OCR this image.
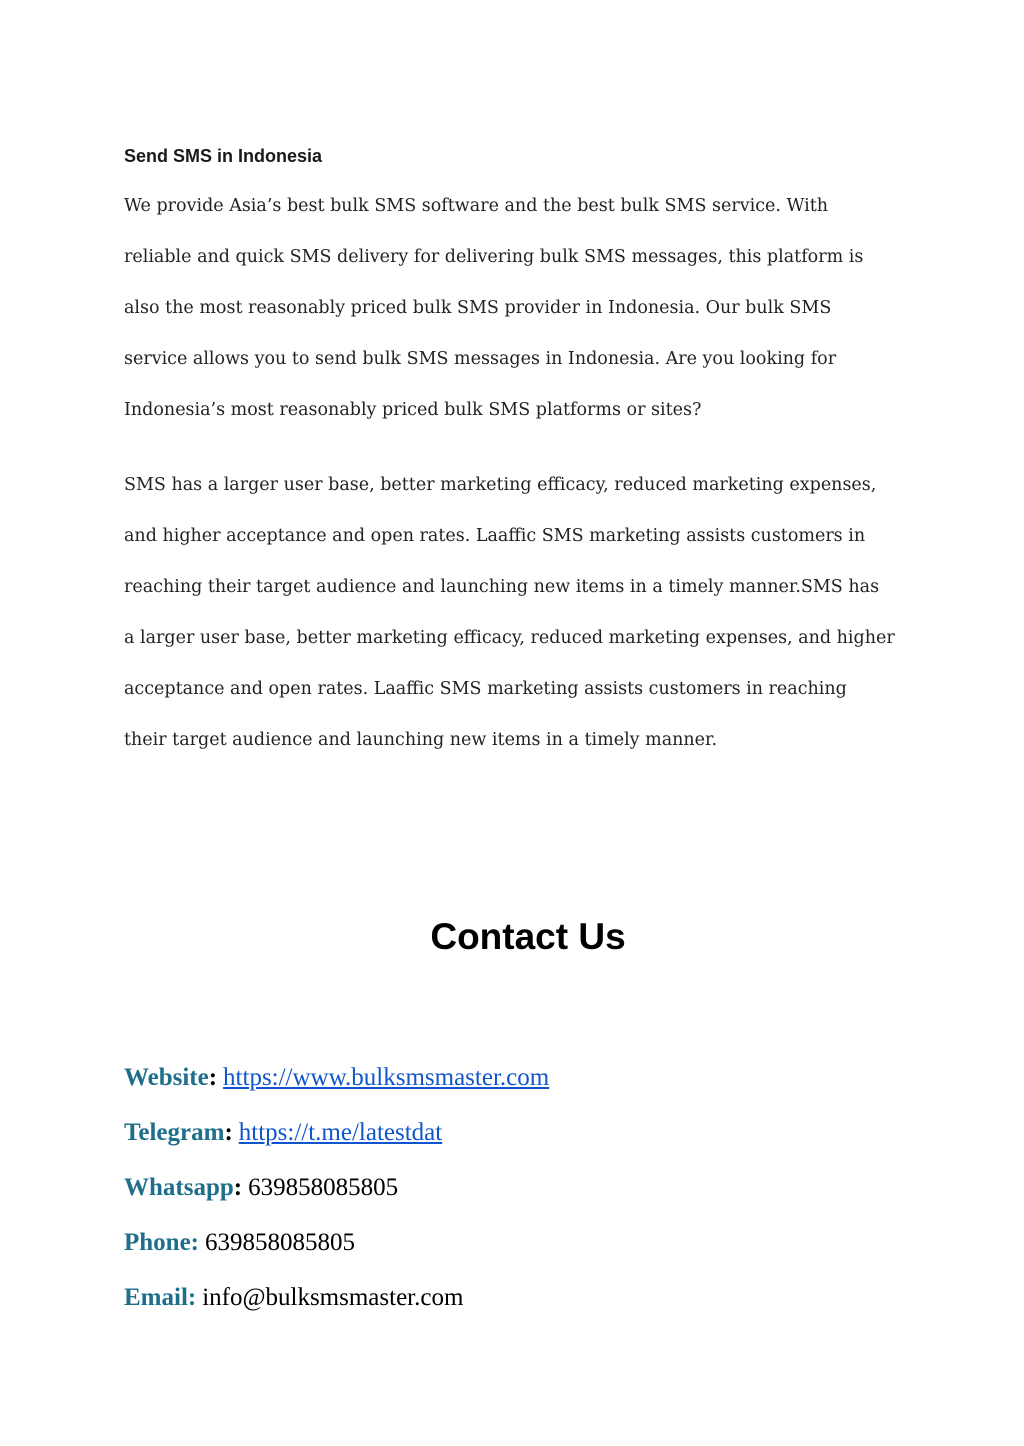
Send SMS in Indonesia

We provide Asia’s best bulk SMS software and the best bulk SMS service. With
reliable and quick SMS delivery for delivering bulk SMS messages, this platform is
also the most reasonably priced bulk SMS provider in Indonesia. Our bulk SMS
service allows you to send bulk SMS messages in Indonesia. Are you looking for
Indonesia’s most reasonably priced bulk SMS platforms or sites?

SMS has a larger user base, better marketing efficacy, reduced marketing expenses,
and higher acceptance and open rates. Laaffic SMS marketing assists customers in
reaching their target audience and launching new items in a timely manner.SMS has
a larger user base, better marketing efficacy, reduced marketing expenses, and higher
acceptance and open rates. Laaffic SMS marketing assists customers in reaching
their target audience and launching new items in a timely manner.

Contact Us
Website: https://www.bulksmsmaster.com
Telegram: https://t.me/latestdat
Whatsapp: 639858085805
Phone: 639858085805
Email: info@bulksmsmaster.com
